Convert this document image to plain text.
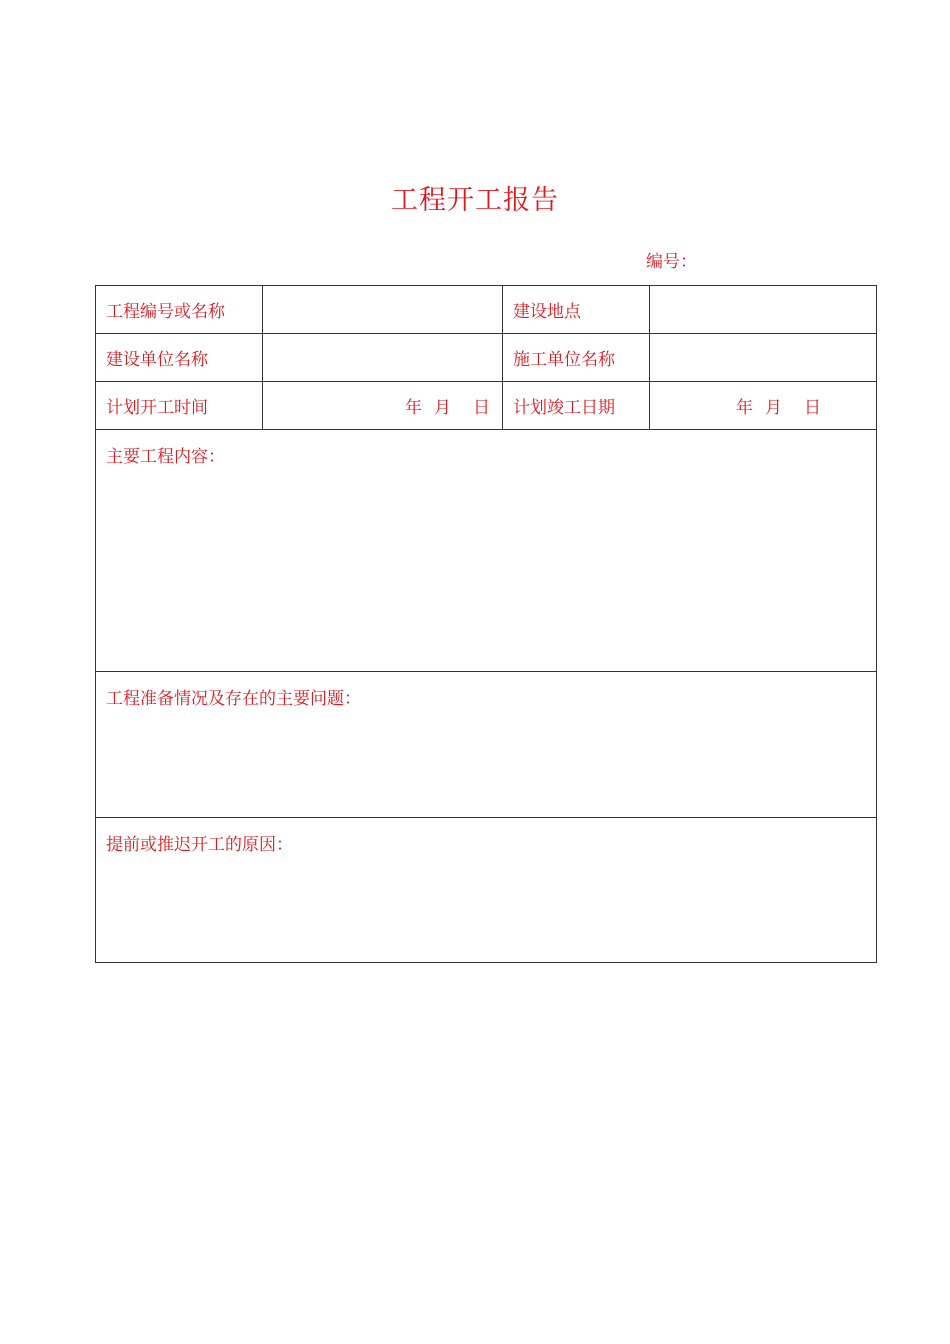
工程开工报告
编号：
工程编号或名称		建设地点	
建设单位名称		施工单位名称	
计划开工时间	年 月 日	计划竣工日期	年 月 日
主要工程内容：			
工程准备情况及存在的主要问题：			
提前或推迟开工的原因：			
